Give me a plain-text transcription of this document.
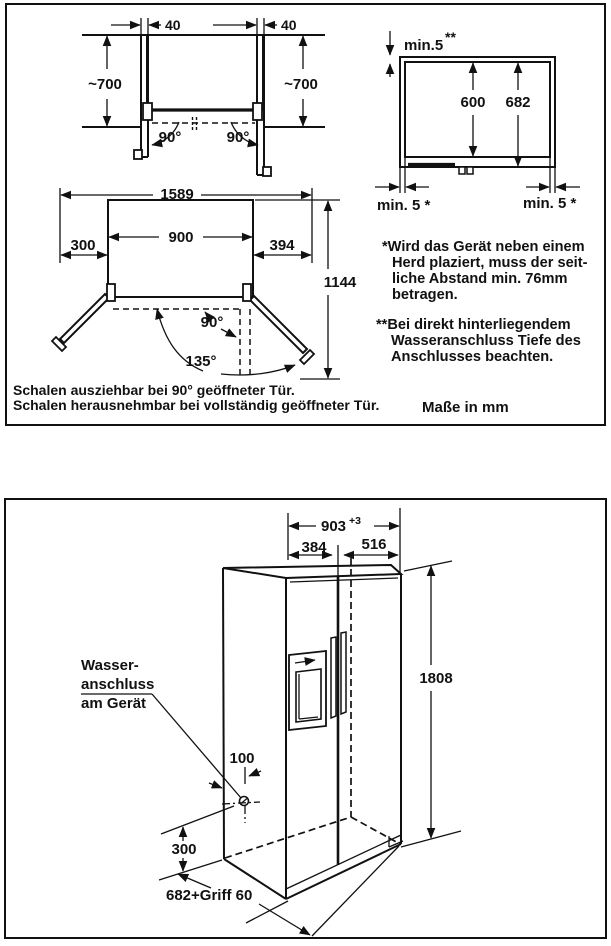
40	40
~700	~700
90°	90°
min.5 **
600 682
min. 5 *	min. 5 *
1589
900
300	394
1144
135°
90°
*Wird das Gerät neben einem
Herd plaziert, muss der seit-
liche Abstand min. 76mm
betragen.
**Bei direkt hinterliegendem
Wasseranschluss Tiefe des
Anschlusses beachten.
Schalen ausziehbar bei 90° geöffneter Tür.
Schalen herausnehmbar bei vollständig geöffneter Tür.	Maße in mm
903 +3
384 516
1808
100
300
682+Griff 60
Wasser-
anschluss
am Gerät
